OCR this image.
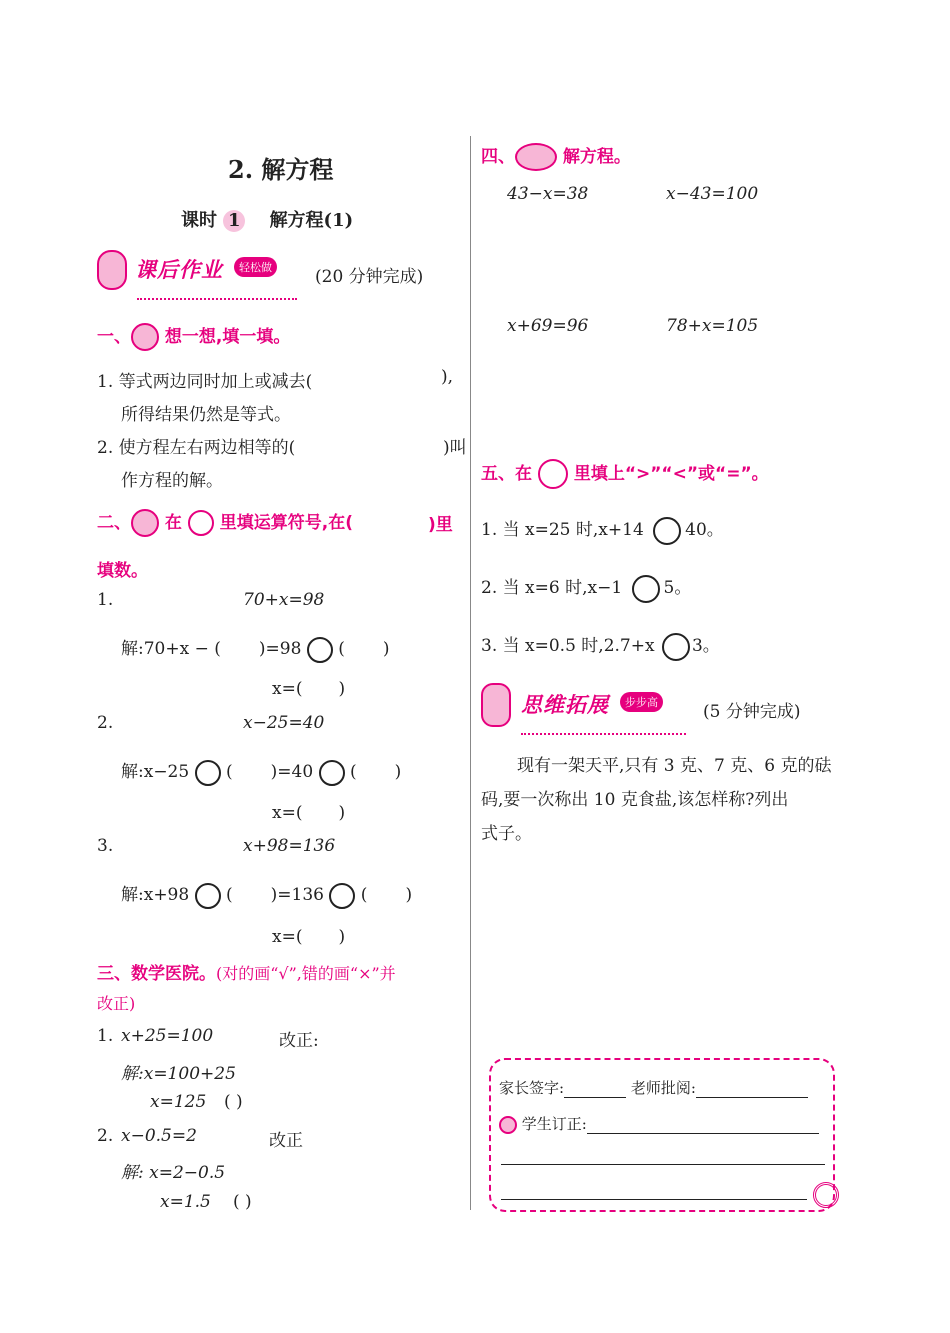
2. 解方程
课时 1 解方程(1)
课后作业	轻松做	(20 分钟完成)
一、 想一想,填一填。
1. 等式两边同时加上或减去(	),
所得结果仍然是等式。
2. 使方程左右两边相等的(	)叫
作方程的解。
二、 在 里填运算符号,在(	)里
填数。
1.	70+x=98
解:70+x − ( )=98 ( )
x=( )
2.	x−25=40
解:x−25 ( )=40 ( )
x=( )
3.	x+98=136
解:x+98 ( )=136 ( )
x=( )
三、数学医院。(对的画“√”,错的画“×”并
改正)
1. x+25=100	改正:
解:x=100+25
x=125 ( )
2. x−0.5=2	改正
解: x=2−0.5
x=1.5 ( )
四、	解方程。
43−x=38	x−43=100
x+69=96	78+x=105
五、在 里填上“>”“<”或“=”。
1. 当 x=25 时,x+14 40。
2. 当 x=6 时,x−1 5。
3. 当 x=0.5 时,2.7+x 3。
思维拓展	步步高	(5 分钟完成)
现有一架天平,只有 3 克、7 克、6 克的砝
码,要一次称出 10 克食盐,该怎样称?列出
式子。
家长签字:	老师批阅:
学生订正:
